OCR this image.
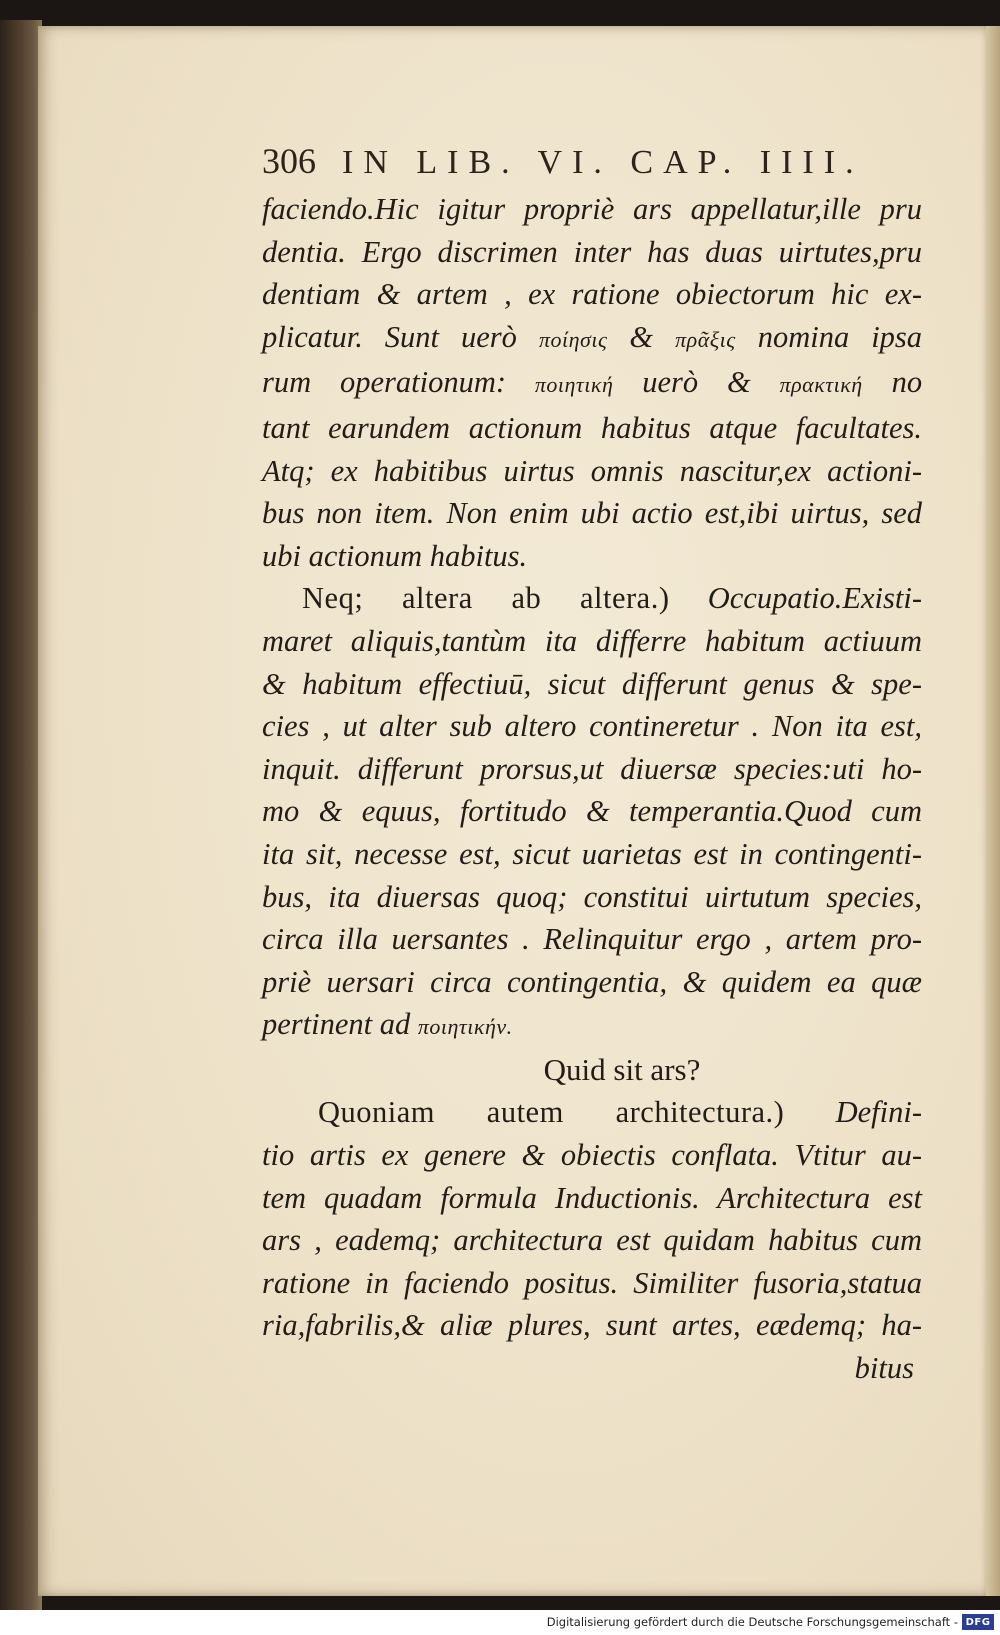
306 IN LIB. VI. CAP. IIII.
faciendo.Hic igitur propriè ars appellatur,ille pru
dentia. Ergo discrimen inter has duas uirtutes,pru
dentiam & artem , ex ratione obiectorum hic ex-
plicatur. Sunt uerò ποίησις & πρᾶξις nomina ipsa
rum operationum: ποιητική uerò & πρακτική no
tant earundem actionum habitus atque facultates.
Atq; ex habitibus uirtus omnis nascitur,ex actioni-
bus non item. Non enim ubi actio est,ibi uirtus, sed
ubi actionum habitus.
Neq; altera ab altera.) Occupatio.Existi-
maret aliquis,tantùm ita differre habitum actiuum
& habitum effectiuū, sicut differunt genus & spe-
cies , ut alter sub altero contineretur . Non ita est,
inquit. differunt prorsus,ut diuersæ species:uti ho-
mo & equus, fortitudo & temperantia.Quod cum
ita sit, necesse est, sicut uarietas est in contingenti-
bus, ita diuersas quoq; constitui uirtutum species,
circa illa uersantes . Relinquitur ergo , artem pro-
priè uersari circa contingentia, & quidem ea quæ
pertinent ad ποιητικήν.
Quid sit ars?
Quoniam autem architectura.) Defini-
tio artis ex genere & obiectis conflata. Vtitur au-
tem quadam formula Inductionis. Architectura est
ars , eademq; architectura est quidam habitus cum
ratione in faciendo positus. Similiter fusoria,statua
ria,fabrilis,& aliæ plures, sunt artes, eædemq; ha-
bitus
Digitalisierung gefördert durch die Deutsche Forschungsgemeinschaft - DFG
